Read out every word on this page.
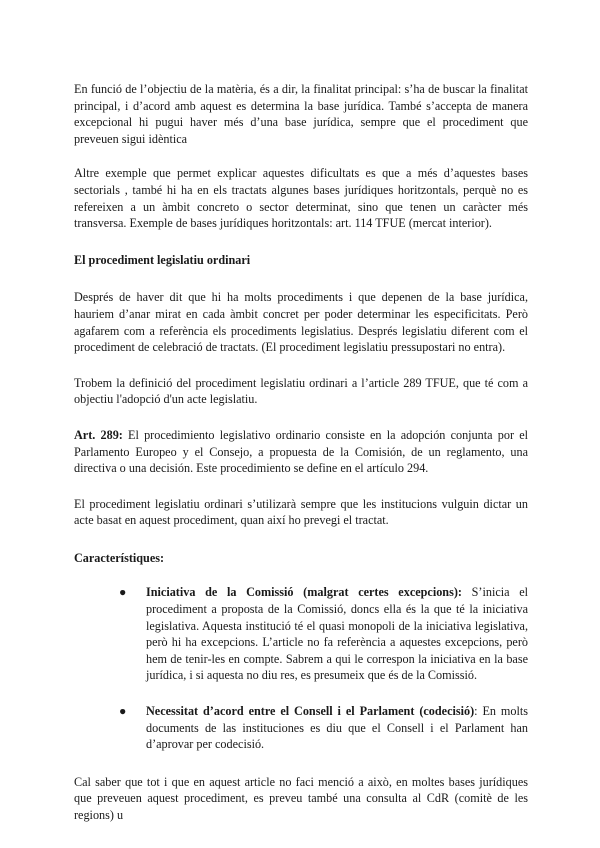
En funció de l’objectiu de la matèria, és a dir, la finalitat principal: s’ha de buscar la finalitat principal, i d’acord amb aquest es determina la base jurídica. També s’accepta de manera excepcional hi pugui haver més d’una base jurídica, sempre que el procediment que preveuen sigui idèntica

Altre exemple que permet explicar aquestes dificultats es que a més d’aquestes bases sectorials , també hi ha en els tractats algunes bases jurídiques horitzontals, perquè no es refereixen a un àmbit concreto o sector determinat, sino que tenen un caràcter més transversa. Exemple de bases jurídiques horitzontals: art. 114 TFUE (mercat interior).

El procediment legislatiu ordinari

Després de haver dit que hi ha molts procediments i que depenen de la base jurídica, hauriem d’anar mirat en cada àmbit concret per poder determinar les especificitats. Però agafarem com a referència els procediments legislatius. Després legislatiu diferent com el procediment de celebració de tractats. (El procediment legislatiu pressupostari no entra).

Trobem la definició del procediment legislatiu ordinari a l’article 289 TFUE, que té com a objectiu l'adopció d'un acte legislatiu.

Art. 289: El procedimiento legislativo ordinario consiste en la adopción conjunta por el Parlamento Europeo y el Consejo, a propuesta de la Comisión, de un reglamento, una directiva o una decisión. Este procedimiento se define en el artículo 294.

El procediment legislatiu ordinari s’utilizarà sempre que les institucions vulguin dictar un acte basat en aquest procediment, quan així ho prevegi el tractat.

Característiques:

● Iniciativa de la Comissió (malgrat certes excepcions): S’inicia el procediment a proposta de la Comissió, doncs ella és la que té la iniciativa legislativa. Aquesta institució té el quasi monopoli de la iniciativa legislativa, però hi ha excepcions. L’article no fa referència a aquestes excepcions, però hem de tenir-les en compte. Sabrem a qui le correspon la iniciativa en la base jurídica, i si aquesta no diu res, es presumeix que és de la Comissió.
● Necessitat d’acord entre el Consell i el Parlament (codecisió): En molts documents de las instituciones es diu que el Consell i el Parlament han d’aprovar per codecisió.

Cal saber que tot i que en aquest article no faci menció a això, en moltes bases jurídiques que preveuen aquest procediment, es preveu també una consulta al CdR (comitè de les regions) u
